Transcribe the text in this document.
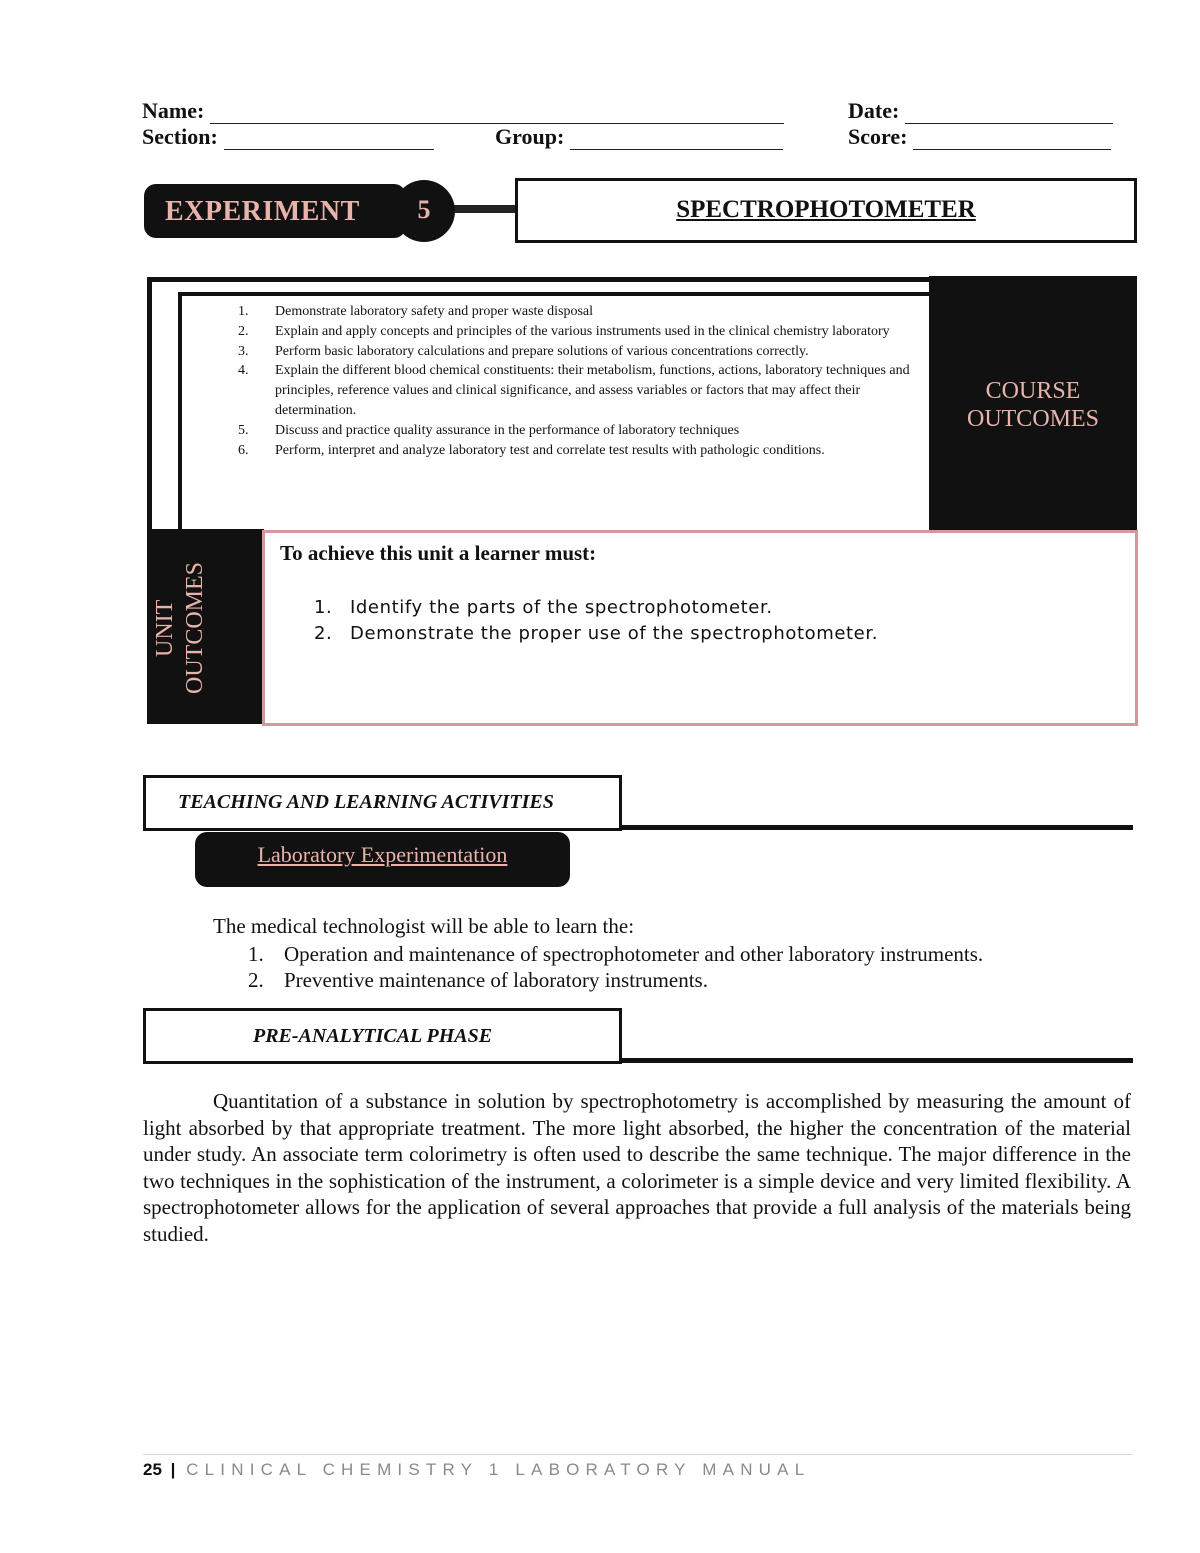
Name:	Date:
Section:	Group:	Score:
EXPERIMENT	5	SPECTROPHOTOMETER
COURSE
OUTCOMES
1. Demonstrate laboratory safety and proper waste disposal
2. Explain and apply concepts and principles of the various instruments used in the clinical chemistry laboratory
3. Perform basic laboratory calculations and prepare solutions of various concentrations correctly.
4. Explain the different blood chemical constituents: their metabolism, functions, actions, laboratory techniques and principles, reference values and clinical significance, and assess variables or factors that may affect their determination.
5. Discuss and practice quality assurance in the performance of laboratory techniques
6. Perform, interpret and analyze laboratory test and correlate test results with pathologic conditions.
UNIT OUTCOMES
To achieve this unit a learner must:
1. Identify the parts of the spectrophotometer.
2. Demonstrate the proper use of the spectrophotometer.
TEACHING AND LEARNING ACTIVITIES
Laboratory Experimentation
The medical technologist will be able to learn the:
1. Operation and maintenance of spectrophotometer and other laboratory instruments.
2. Preventive maintenance of laboratory instruments.
PRE-ANALYTICAL PHASE

Quantitation of a substance in solution by spectrophotometry is accomplished by measuring the amount of light absorbed by that appropriate treatment. The more light absorbed, the higher the concentration of the material under study. An associate term colorimetry is often used to describe the same technique. The major difference in the two techniques in the sophistication of the instrument, a colorimeter is a simple device and very limited flexibility. A spectrophotometer allows for the application of several approaches that provide a full analysis of the materials being studied.

25 | CLINICAL CHEMISTRY 1 LABORATORY MANUAL
